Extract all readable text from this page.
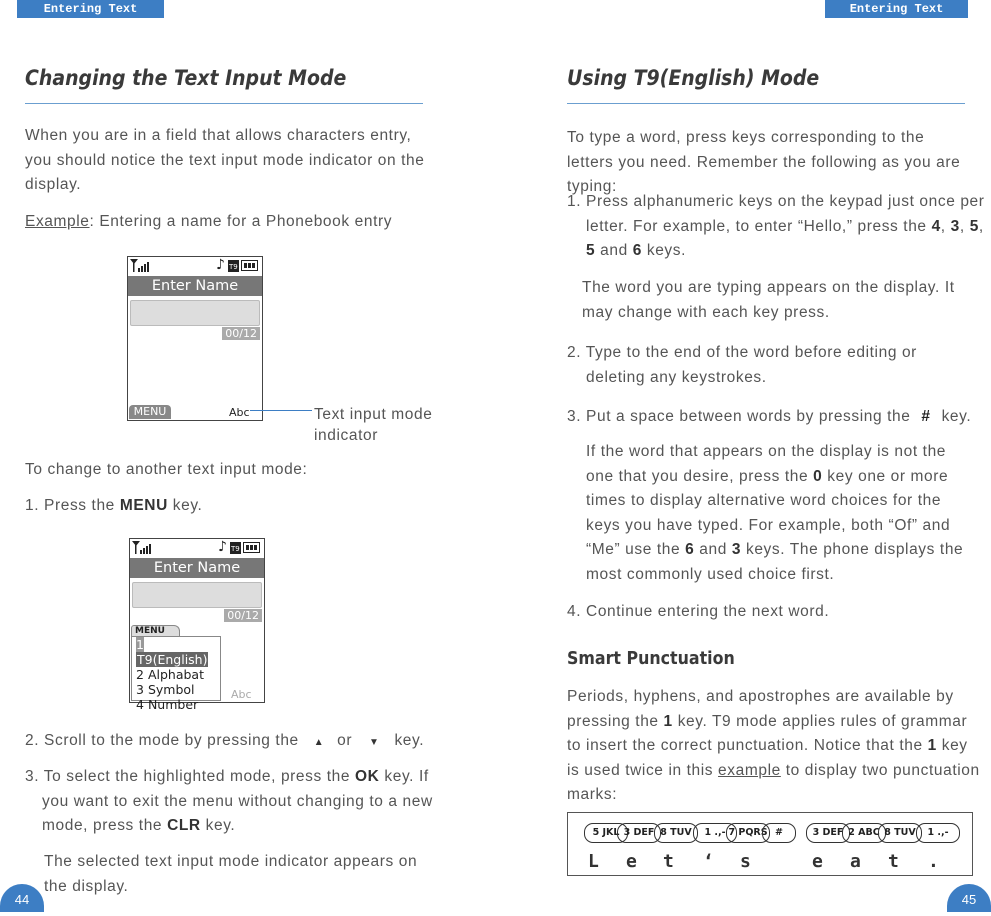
Entering Text
Changing the Text Input Mode
When you are in a field that allows characters entry, you should notice the text input mode indicator on the display.
Example: Entering a name for a Phonebook entry
♪ T9
Enter Name
00/12
MENU	Abc	Text input mode indicator
To change to another text input mode:
1. Press the MENU key.
♪ T9
Enter Name
00/12
MENU
1 T9(English)
2 Alphabat
3 Symbol
4 Number
Abc
2. Scroll to the mode by pressing the ▲ or ▼ key.
3. To select the highlighted mode, press the OK key. If you want to exit the menu without changing to a new mode, press the CLR key.
The selected text input mode indicator appears on the display.
44
Entering Text
Using T9(English) Mode
To type a word, press keys corresponding to the letters you need. Remember the following as you are typing:
1. Press alphanumeric keys on the keypad just once per letter. For example, to enter “Hello,” press the 4, 3, 5, 5 and 6 keys.
The word you are typing appears on the display. It may change with each key press.
2. Type to the end of the word before editing or deleting any keystrokes.
3. Put a space between words by pressing the # key.
If the word that appears on the display is not the one that you desire, press the 0 key one or more times to display alternative word choices for the keys you have typed. For example, both “Of” and “Me” use the 6 and 3 keys. The phone displays the most commonly used choice first.
4. Continue entering the next word.
Smart Punctuation
Periods, hyphens, and apostrophes are available by pressing the 1 key. T9 mode applies rules of grammar to insert the correct punctuation. Notice that the 1 key is used twice in this example to display two punctuation marks:
5 JKL 3 DEF 8 TUV	1 .,- 7 PQRS #	3 DEF 2 ABC 8 TUV	1 .,-
L e t ‘ s	e a t .
45
